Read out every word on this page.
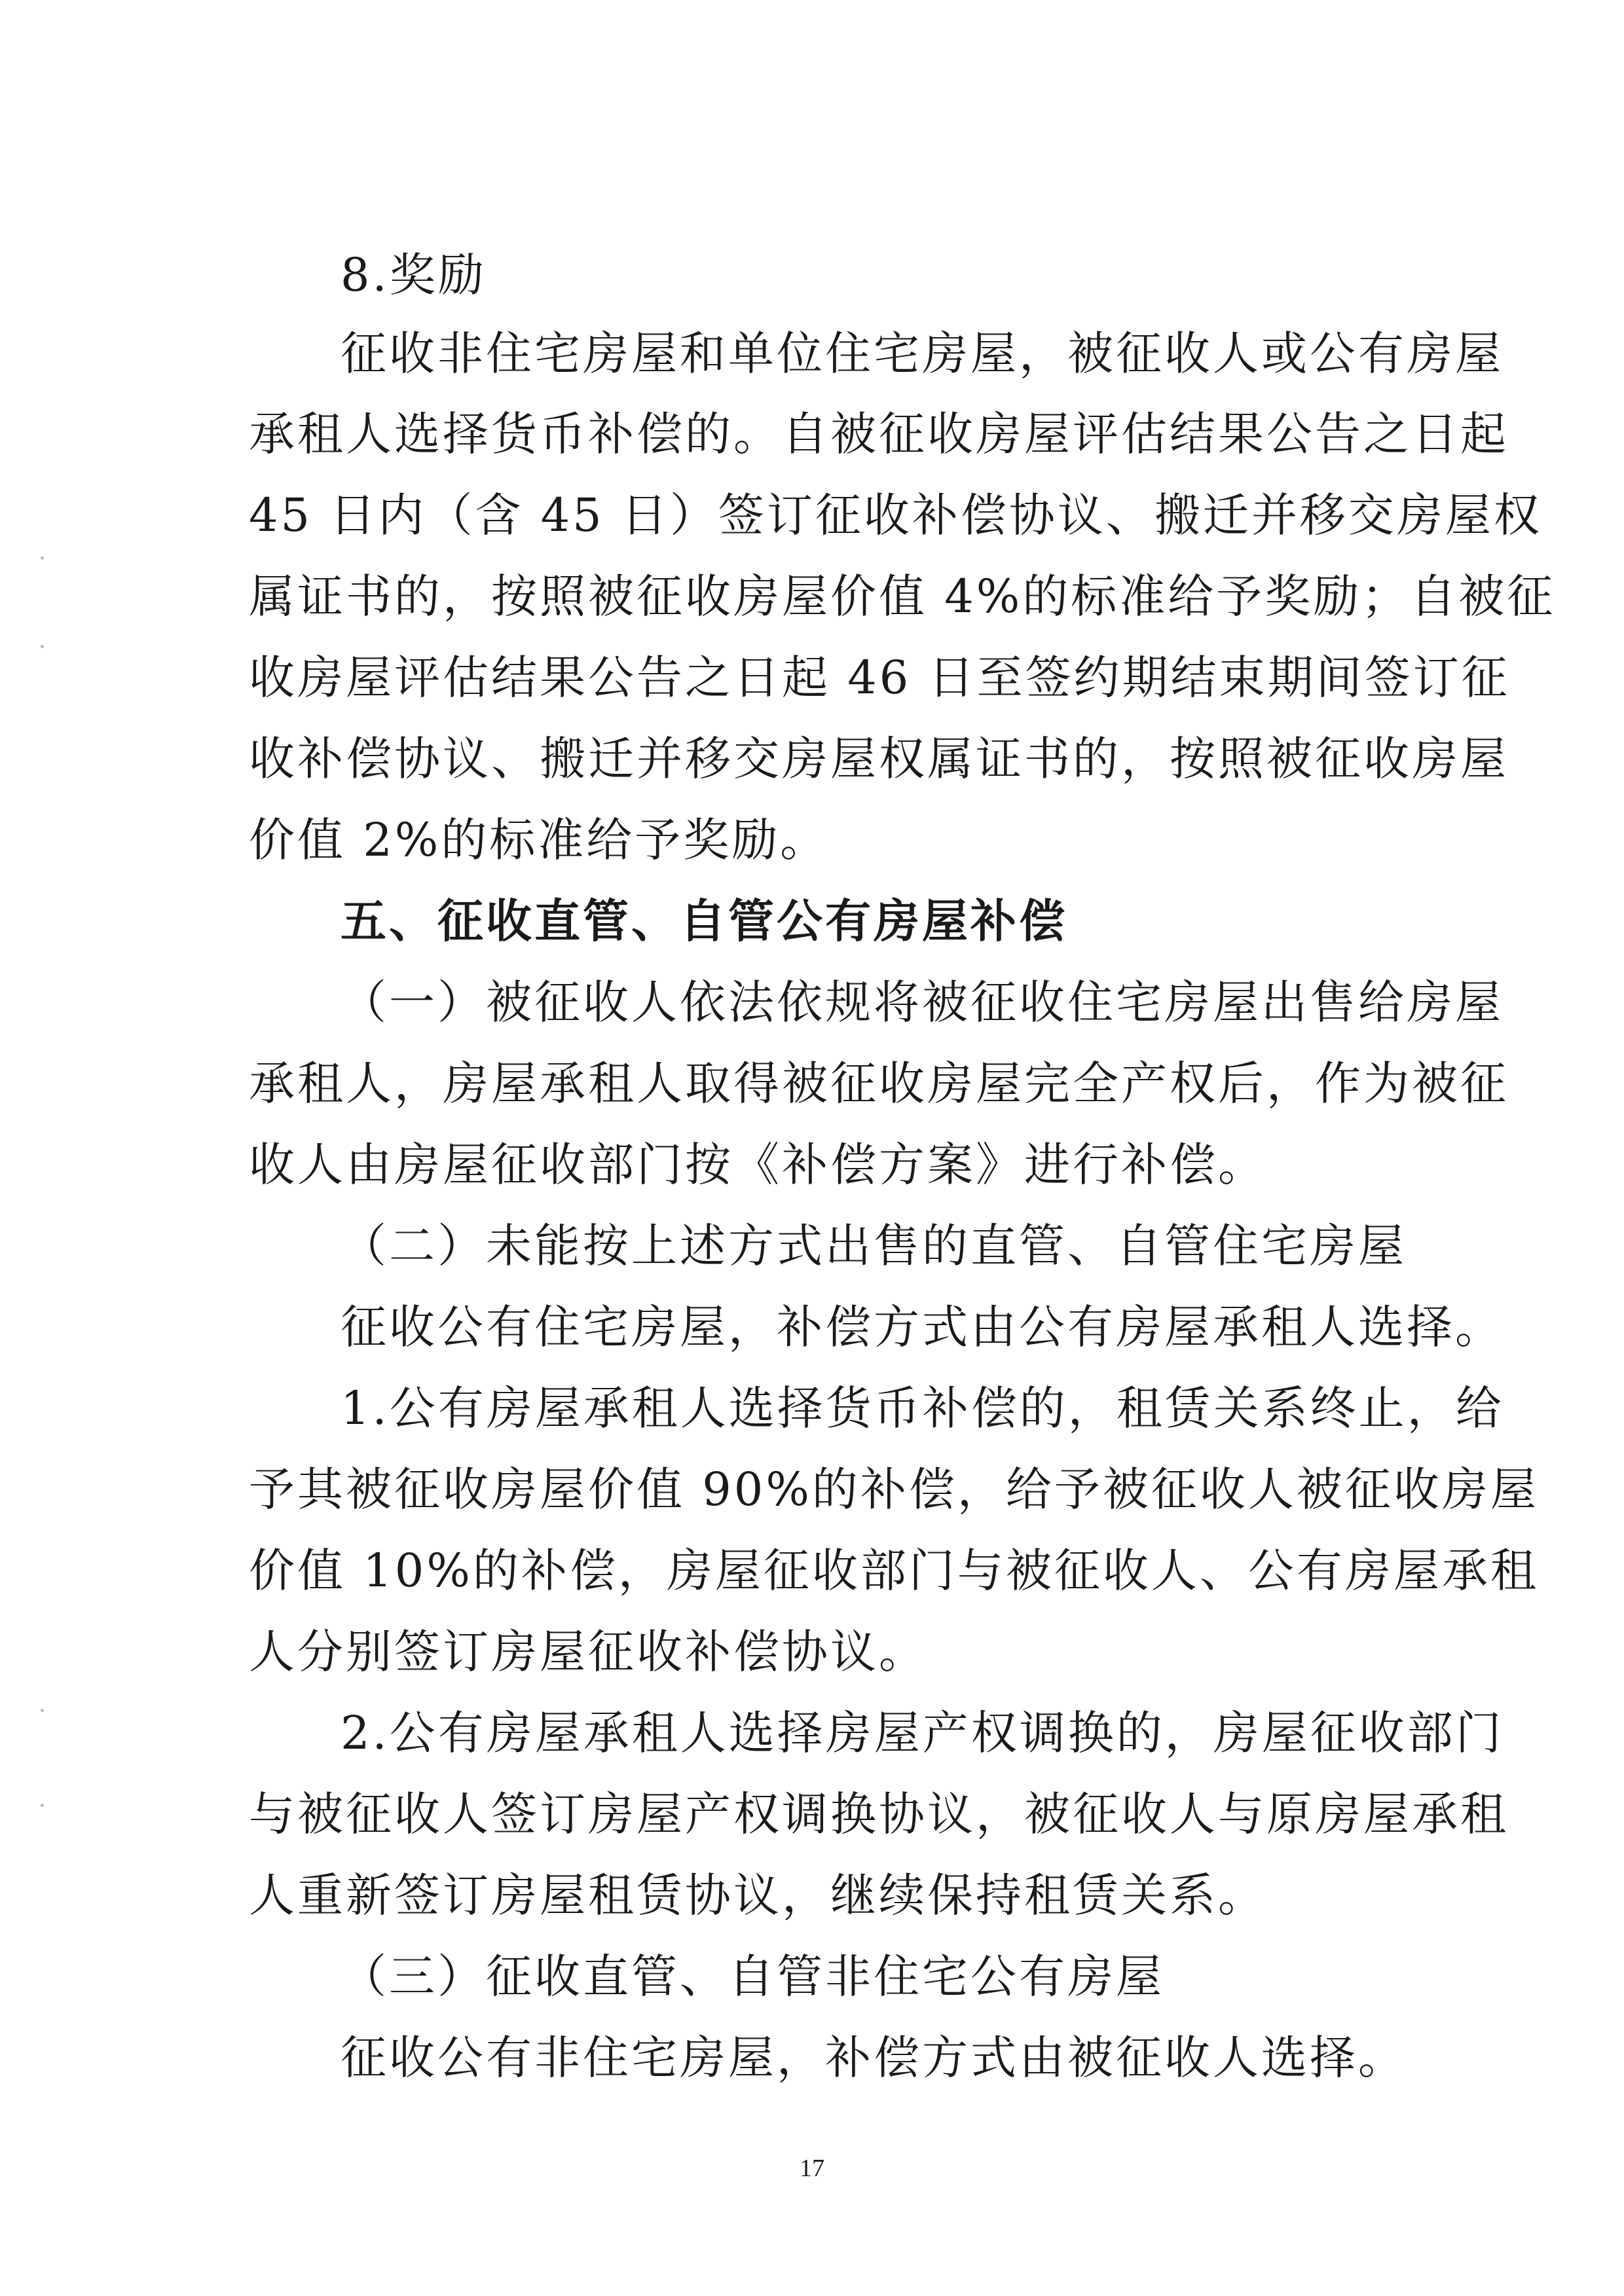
8.奖励
征收非住宅房屋和单位住宅房屋，被征收人或公有房屋
承租人选择货币补偿的。自被征收房屋评估结果公告之日起
45 日内（含 45 日）签订征收补偿协议、搬迁并移交房屋权
属证书的，按照被征收房屋价值 4%的标准给予奖励；自被征
收房屋评估结果公告之日起 46 日至签约期结束期间签订征
收补偿协议、搬迁并移交房屋权属证书的，按照被征收房屋
价值 2%的标准给予奖励。
五、征收直管、自管公有房屋补偿
（一）被征收人依法依规将被征收住宅房屋出售给房屋
承租人，房屋承租人取得被征收房屋完全产权后，作为被征
收人由房屋征收部门按《补偿方案》进行补偿。
（二）未能按上述方式出售的直管、自管住宅房屋
征收公有住宅房屋，补偿方式由公有房屋承租人选择。
1.公有房屋承租人选择货币补偿的，租赁关系终止，给
予其被征收房屋价值 90%的补偿，给予被征收人被征收房屋
价值 10%的补偿，房屋征收部门与被征收人、公有房屋承租
人分别签订房屋征收补偿协议。
2.公有房屋承租人选择房屋产权调换的，房屋征收部门
与被征收人签订房屋产权调换协议，被征收人与原房屋承租
人重新签订房屋租赁协议，继续保持租赁关系。
（三）征收直管、自管非住宅公有房屋
征收公有非住宅房屋，补偿方式由被征收人选择。
17
